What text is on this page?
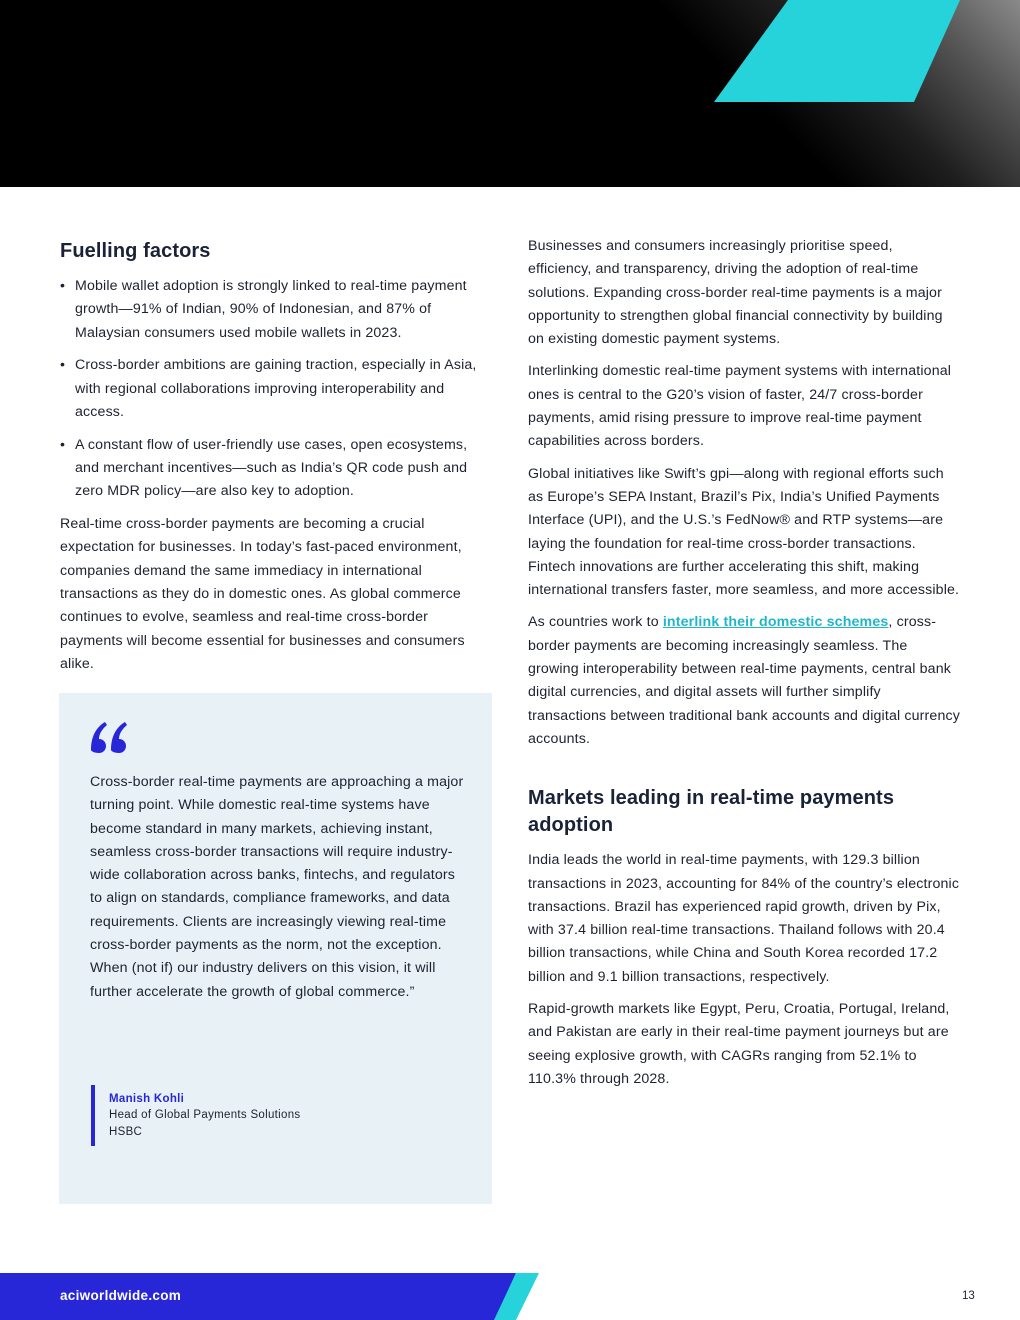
Fuelling factors
• Mobile wallet adoption is strongly linked to real-time payment growth—91% of Indian, 90% of Indonesian, and 87% of Malaysian consumers used mobile wallets in 2023.
• Cross-border ambitions are gaining traction, especially in Asia, with regional collaborations improving interoperability and access.
• A constant flow of user-friendly use cases, open ecosystems, and merchant incentives—such as India’s QR code push and zero MDR policy—are also key to adoption.

Real-time cross-border payments are becoming a crucial expectation for businesses. In today’s fast-paced environment, companies demand the same immediacy in international transactions as they do in domestic ones. As global commerce continues to evolve, seamless and real-time cross-border payments will become essential for businesses and consumers alike.

Cross-border real-time payments are approaching a major turning point. While domestic real-time systems have become standard in many markets, achieving instant, seamless cross-border transactions will require industry-wide collaboration across banks, fintechs, and regulators to align on standards, compliance frameworks, and data requirements. Clients are increasingly viewing real-time cross-border payments as the norm, not the exception. When (not if) our industry delivers on this vision, it will further accelerate the growth of global commerce.”

Manish Kohli
Head of Global Payments Solutions
HSBC

Businesses and consumers increasingly prioritise speed, efficiency, and transparency, driving the adoption of real-time solutions. Expanding cross-border real-time payments is a major opportunity to strengthen global financial connectivity by building on existing domestic payment systems.

Interlinking domestic real-time payment systems with international ones is central to the G20’s vision of faster, 24/7 cross-border payments, amid rising pressure to improve real-time payment capabilities across borders.

Global initiatives like Swift’s gpi—along with regional efforts such as Europe’s SEPA Instant, Brazil’s Pix, India’s Unified Payments Interface (UPI), and the U.S.’s FedNow® and RTP systems—are laying the foundation for real-time cross-border transactions. Fintech innovations are further accelerating this shift, making international transfers faster, more seamless, and more accessible.

As countries work to interlink their domestic schemes, cross-border payments are becoming increasingly seamless. The growing interoperability between real-time payments, central bank digital currencies, and digital assets will further simplify transactions between traditional bank accounts and digital currency accounts.

Markets leading in real-time payments adoption

India leads the world in real-time payments, with 129.3 billion transactions in 2023, accounting for 84% of the country’s electronic transactions. Brazil has experienced rapid growth, driven by Pix, with 37.4 billion real-time transactions. Thailand follows with 20.4 billion transactions, while China and South Korea recorded 17.2 billion and 9.1 billion transactions, respectively.

Rapid-growth markets like Egypt, Peru, Croatia, Portugal, Ireland, and Pakistan are early in their real-time payment journeys but are seeing explosive growth, with CAGRs ranging from 52.1% to 110.3% through 2028.

aciworldwide.com	13
